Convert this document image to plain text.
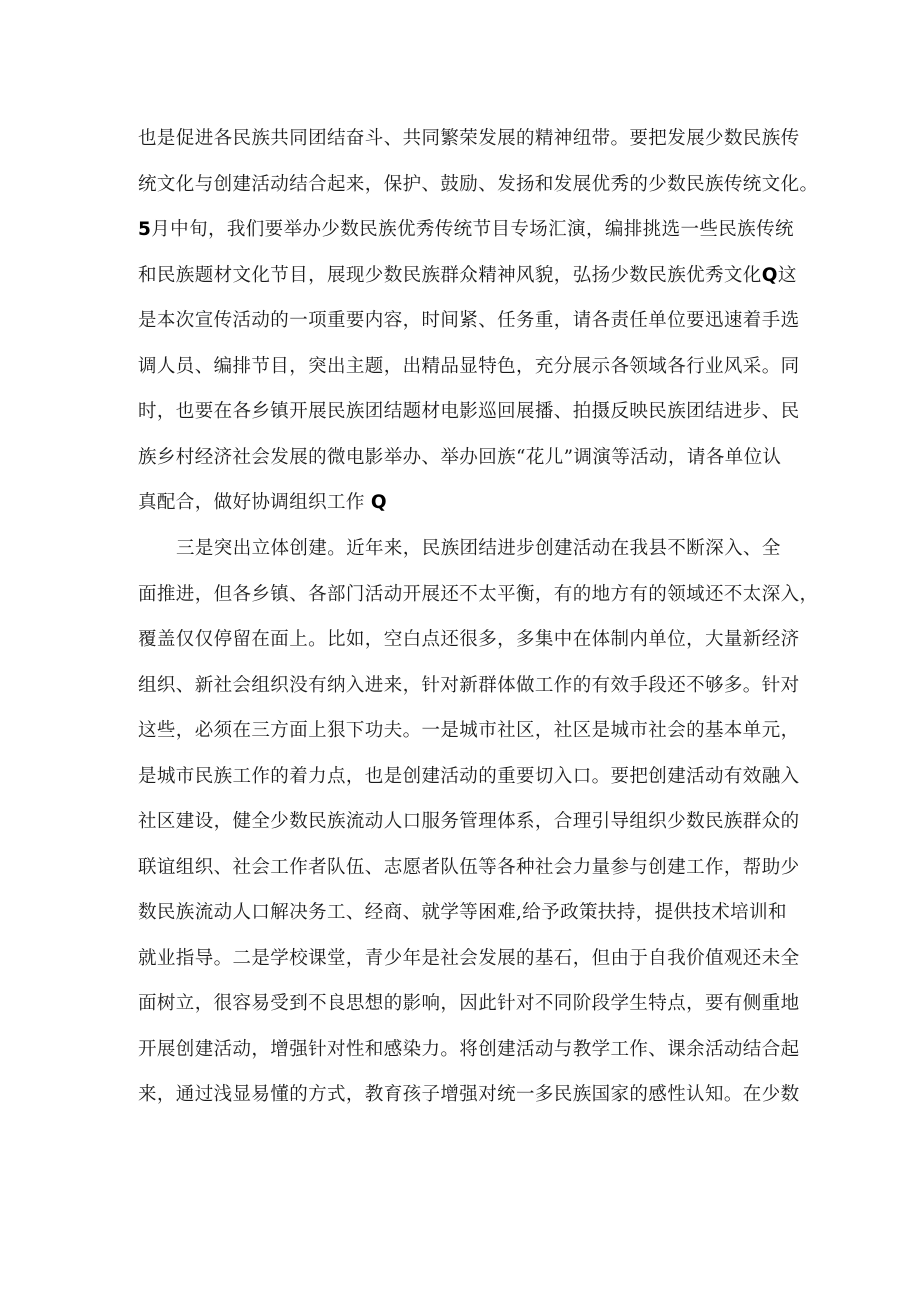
也是促进各民族共同团结奋斗、共同繁荣发展的精神纽带。要把发展少数民族传
统文化与创建活动结合起来，保护、鼓励、发扬和发展优秀的少数民族传统文化。
5月中旬，我们要举办少数民族优秀传统节目专场汇演，编排挑选一些民族传统
和民族题材文化节目，展现少数民族群众精神风貌，弘扬少数民族优秀文化Q这
是本次宣传活动的一项重要内容，时间紧、任务重，请各责任单位要迅速着手选
调人员、编排节目，突出主题，出精品显特色，充分展示各领域各行业风采。同
时，也要在各乡镇开展民族团结题材电影巡回展播、拍摄反映民族团结进步、民
族乡村经济社会发展的微电影举办、举办回族“花儿”调演等活动，请各单位认
真配合，做好协调组织工作 Q
三是突出立体创建。近年来，民族团结进步创建活动在我县不断深入、全
面推进，但各乡镇、各部门活动开展还不太平衡，有的地方有的领域还不太深入，
覆盖仅仅停留在面上。比如，空白点还很多，多集中在体制内单位，大量新经济
组织、新社会组织没有纳入进来，针对新群体做工作的有效手段还不够多。针对
这些，必须在三方面上狠下功夫。一是城市社区，社区是城市社会的基本单元，
是城市民族工作的着力点，也是创建活动的重要切入口。要把创建活动有效融入
社区建设，健全少数民族流动人口服务管理体系，合理引导组织少数民族群众的
联谊组织、社会工作者队伍、志愿者队伍等各种社会力量参与创建工作，帮助少
数民族流动人口解决务工、经商、就学等困难,给予政策扶持，提供技术培训和
就业指导。二是学校课堂，青少年是社会发展的基石，但由于自我价值观还未全
面树立，很容易受到不良思想的影响，因此针对不同阶段学生特点，要有侧重地
开展创建活动，增强针对性和感染力。将创建活动与教学工作、课余活动结合起
来，通过浅显易懂的方式，教育孩子增强对统一多民族国家的感性认知。在少数
